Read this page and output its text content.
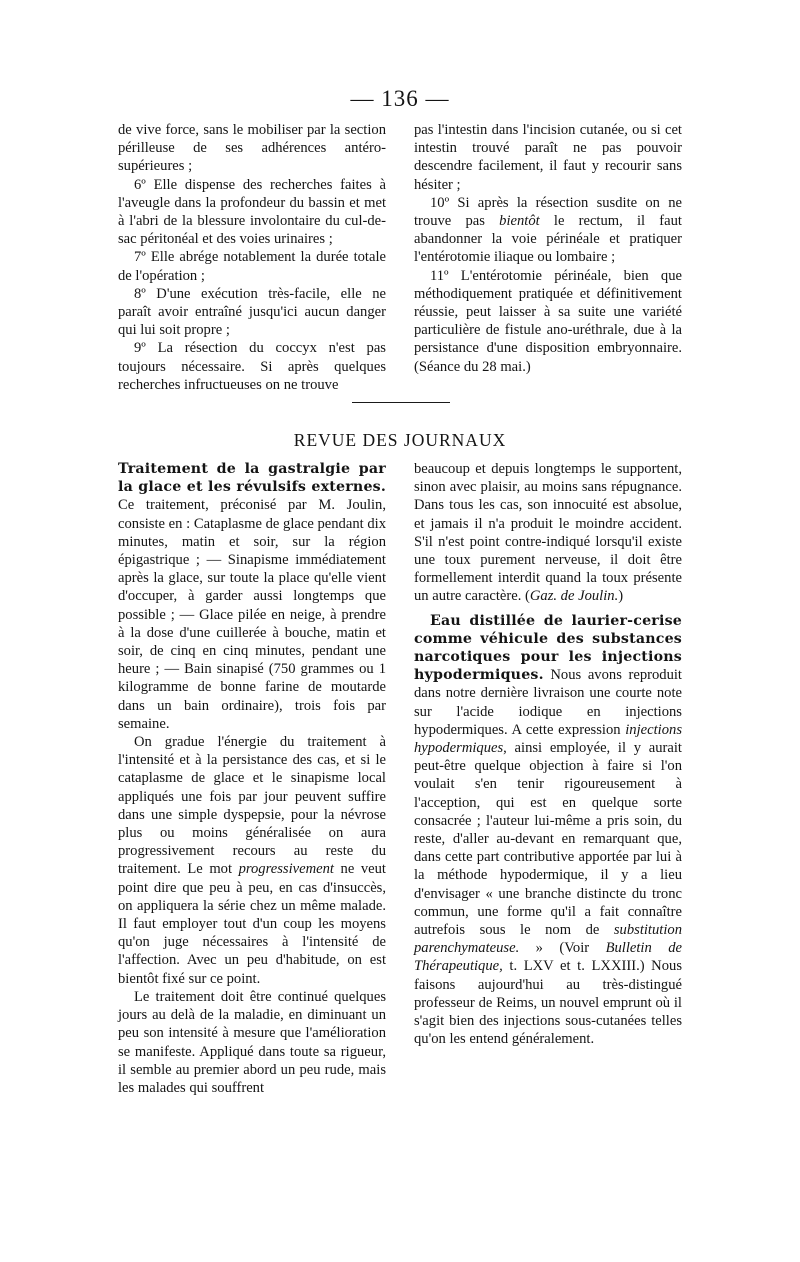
— 136 —

de vive force, sans le mobiliser par la section périlleuse de ses adhérences antéro-supérieures ;

6º Elle dispense des recherches faites à l'aveugle dans la profondeur du bassin et met à l'abri de la blessure involontaire du cul-de-sac péritonéal et des voies urinaires ;

7º Elle abrége notablement la durée totale de l'opération ;

8º D'une exécution très-facile, elle ne paraît avoir entraîné jusqu'ici aucun danger qui lui soit propre ;

9º La résection du coccyx n'est pas toujours nécessaire. Si après quelques recherches infructueuses on ne trouve

pas l'intestin dans l'incision cutanée, ou si cet intestin trouvé paraît ne pas pouvoir descendre facilement, il faut y recourir sans hésiter ;

10º Si après la résection susdite on ne trouve pas bientôt le rectum, il faut abandonner la voie périnéale et pratiquer l'entérotomie iliaque ou lombaire ;

11º L'entérotomie périnéale, bien que méthodiquement pratiquée et définitivement réussie, peut laisser à sa suite une variété particulière de fistule ano-uréthrale, due à la persistance d'une disposition embryonnaire. (Séance du 28 mai.)

REVUE DES JOURNAUX

Traitement de la gastralgie par la glace et les révulsifs externes. Ce traitement, préconisé par M. Joulin, consiste en : Cataplasme de glace pendant dix minutes, matin et soir, sur la région épigastrique ; — Sinapisme immédiatement après la glace, sur toute la place qu'elle vient d'occuper, à garder aussi longtemps que possible ; — Glace pilée en neige, à prendre à la dose d'une cuillerée à bouche, matin et soir, de cinq en cinq minutes, pendant une heure ; — Bain sinapisé (750 grammes ou 1 kilogramme de bonne farine de moutarde dans un bain ordinaire), trois fois par semaine.

On gradue l'énergie du traitement à l'intensité et à la persistance des cas, et si le cataplasme de glace et le sinapisme local appliqués une fois par jour peuvent suffire dans une simple dyspepsie, pour la névrose plus ou moins généralisée on aura progressivement recours au reste du traitement. Le mot progressivement ne veut point dire que peu à peu, en cas d'insuccès, on appliquera la série chez un même malade. Il faut employer tout d'un coup les moyens qu'on juge nécessaires à l'intensité de l'affection. Avec un peu d'habitude, on est bientôt fixé sur ce point.

Le traitement doit être continué quelques jours au delà de la maladie, en diminuant un peu son intensité à mesure que l'amélioration se manifeste. Appliqué dans toute sa rigueur, il semble au premier abord un peu rude, mais les malades qui souffrent

beaucoup et depuis longtemps le supportent, sinon avec plaisir, au moins sans répugnance. Dans tous les cas, son innocuité est absolue, et jamais il n'a produit le moindre accident. S'il n'est point contre-indiqué lorsqu'il existe une toux purement nerveuse, il doit être formellement interdit quand la toux présente un autre caractère. (Gaz. de Joulin.)

Eau distillée de laurier-cerise comme véhicule des substances narcotiques pour les injections hypodermiques. Nous avons reproduit dans notre dernière livraison une courte note sur l'acide iodique en injections hypodermiques. A cette expression injections hypodermiques, ainsi employée, il y aurait peut-être quelque objection à faire si l'on voulait s'en tenir rigoureusement à l'acception, qui est en quelque sorte consacrée ; l'auteur lui-même a pris soin, du reste, d'aller au-devant en remarquant que, dans cette part contributive apportée par lui à la méthode hypodermique, il y a lieu d'envisager « une branche distincte du tronc commun, une forme qu'il a fait connaître autrefois sous le nom de substitution parenchymateuse. » (Voir Bulletin de Thérapeutique, t. LXV et t. LXXIII.) Nous faisons aujourd'hui au très-distingué professeur de Reims, un nouvel emprunt où il s'agit bien des injections sous-cutanées telles qu'on les entend généralement.
